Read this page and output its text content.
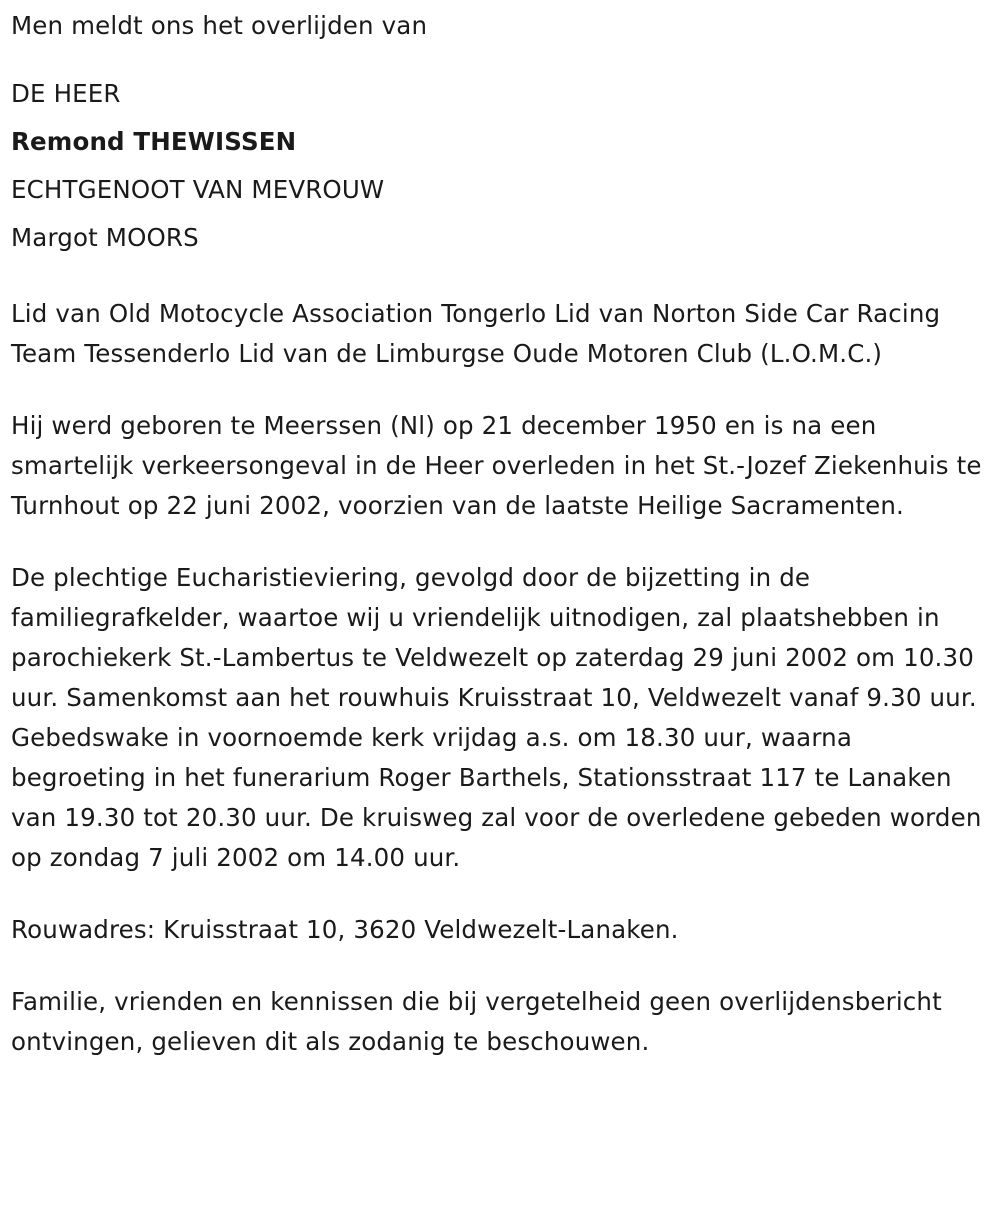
Men meldt ons het overlijden van

DE HEER

Remond THEWISSEN

ECHTGENOOT VAN MEVROUW

Margot MOORS

Lid van Old Motocycle Association Tongerlo Lid van Norton Side Car Racing Team Tessenderlo Lid van de Limburgse Oude Motoren Club (L.O.M.C.)

Hij werd geboren te Meerssen (Nl) op 21 december 1950 en is na een smartelijk verkeersongeval in de Heer overleden in het St.-Jozef Ziekenhuis te Turnhout op 22 juni 2002, voorzien van de laatste Heilige Sacramenten.

De plechtige Eucharistieviering, gevolgd door de bijzetting in de familiegrafkelder, waartoe wij u vriendelijk uitnodigen, zal plaatshebben in parochiekerk St.-Lambertus te Veldwezelt op zaterdag 29 juni 2002 om 10.30 uur. Samenkomst aan het rouwhuis Kruisstraat 10, Veldwezelt vanaf 9.30 uur. Gebedswake in voornoemde kerk vrijdag a.s. om 18.30 uur, waarna begroeting in het funerarium Roger Barthels, Stationsstraat 117 te Lanaken van 19.30 tot 20.30 uur. De kruisweg zal voor de overledene gebeden worden op zondag 7 juli 2002 om 14.00 uur.

Rouwadres: Kruisstraat 10, 3620 Veldwezelt-Lanaken.

Familie, vrienden en kennissen die bij vergetelheid geen overlijdensbericht ontvingen, gelieven dit als zodanig te beschouwen.
